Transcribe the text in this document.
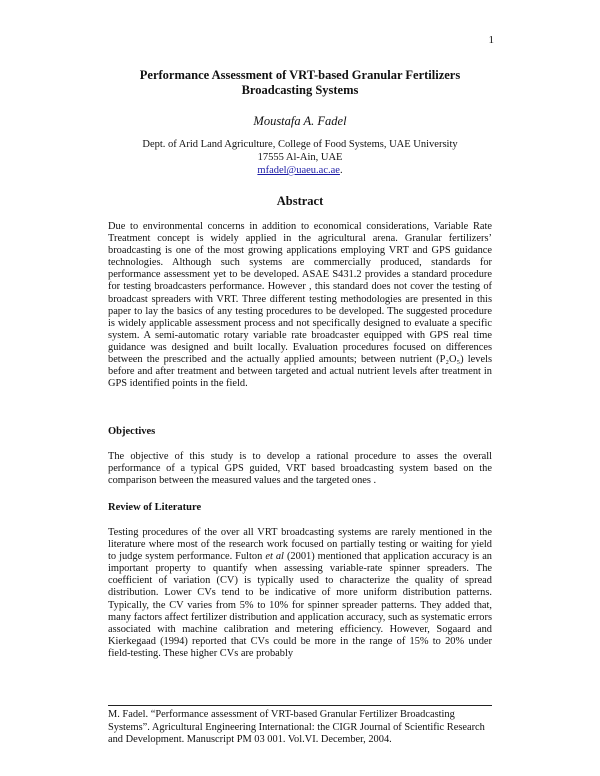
1
Performance Assessment of VRT-based Granular Fertilizers
Broadcasting Systems
Moustafa A. Fadel
Dept. of Arid Land Agriculture, College of Food Systems, UAE University
17555 Al-Ain, UAE
mfadel@uaeu.ac.ae.
Abstract

Due to environmental concerns in addition to economical considerations, Variable Rate Treatment concept is widely applied in the agricultural arena. Granular fertilizers’ broadcasting is one of the most growing applications employing VRT and GPS guidance technologies. Although such systems are commercially produced, standards for performance assessment yet to be developed. ASAE S431.2 provides a standard procedure for testing broadcasters performance. However , this standard does not cover the testing of broadcast spreaders with VRT. Three different testing methodologies are presented in this paper to lay the basics of any testing procedures to be developed. The suggested procedure is widely applicable assessment process and not specifically designed to evaluate a specific system. A semi-automatic rotary variable rate broadcaster equipped with GPS real time guidance was designed and built locally. Evaluation procedures focused on differences between the prescribed and the actually applied amounts; between nutrient (P₂O₅) levels before and after treatment and between targeted and actual nutrient levels after treatment in GPS identified points in the field.

Objectives

The objective of this study is to develop a rational procedure to asses the overall performance of a typical GPS guided, VRT based broadcasting system based on the comparison between the measured values and the targeted ones .

Review of Literature

Testing procedures of the over all VRT broadcasting systems are rarely mentioned in the literature where most of the research work focused on partially testing or waiting for yield to judge system performance. Fulton et al (2001) mentioned that application accuracy is an important property to quantify when assessing variable-rate spinner spreaders. The coefficient of variation (CV) is typically used to characterize the quality of spread distribution. Lower CVs tend to be indicative of more uniform distribution patterns. Typically, the CV varies from 5% to 10% for spinner spreader patterns. They added that, many factors affect fertilizer distribution and application accuracy, such as systematic errors associated with machine calibration and metering efficiency. However, Sogaard and Kierkegaad (1994) reported that CVs could be more in the range of 15% to 20% under field-testing. These higher CVs are probably

M. Fadel. “Performance assessment of VRT-based Granular Fertilizer Broadcasting Systems”. Agricultural Engineering International: the CIGR Journal of Scientific Research and Development. Manuscript PM 03 001. Vol.VI. December, 2004.
